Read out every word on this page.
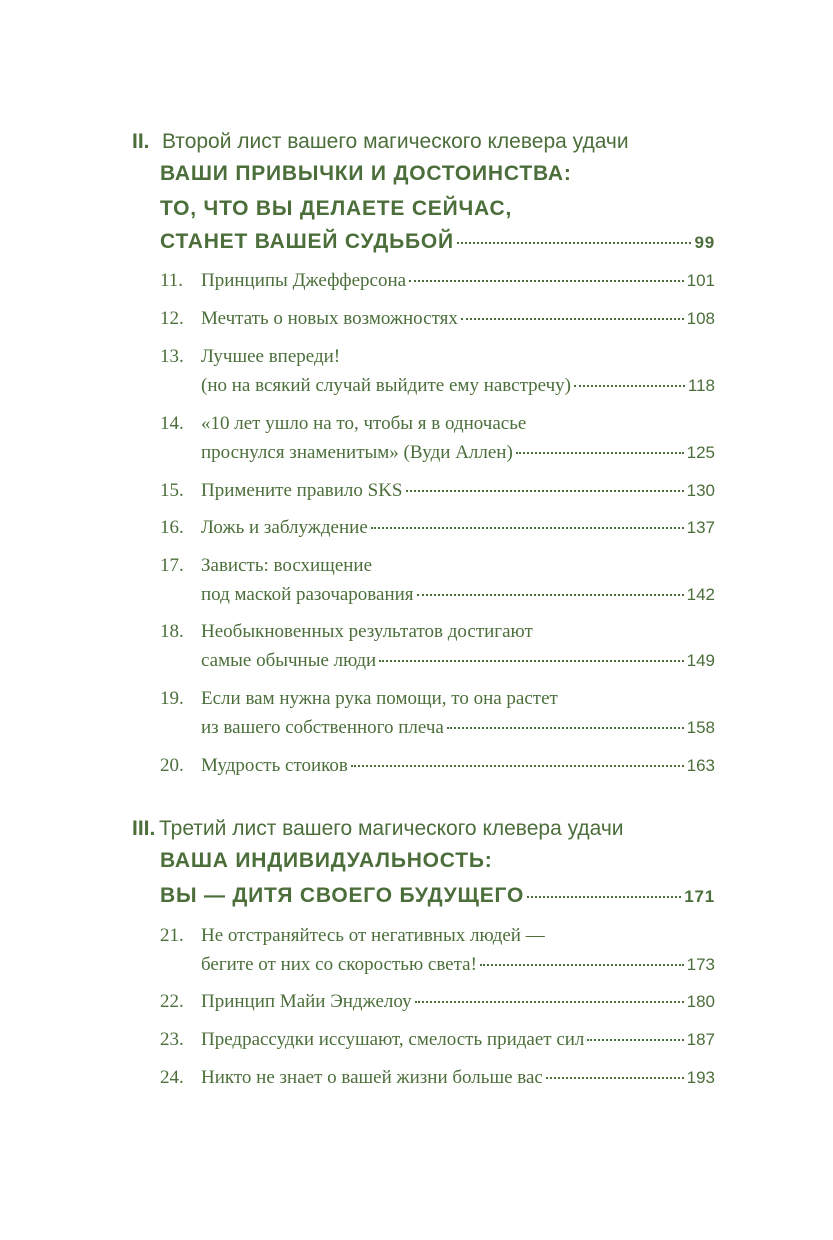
II. Второй лист вашего магического клевера удачи
ВАШИ ПРИВЫЧКИ И ДОСТОИНСТВА:
ТО, ЧТО ВЫ ДЕЛАЕТЕ СЕЙЧАС,
СТАНЕТ ВАШЕЙ СУДЬБОЙ	99
11. Принципы Джефферсона	101
12. Мечтать о новых возможностях	108
13. Лучшее впереди!
(но на всякий случай выйдите ему навстречу)	118
14. «10 лет ушло на то, чтобы я в одночасье
проснулся знаменитым» (Вуди Аллен)	125
15. Примените правило SKS	130
16. Ложь и заблуждение	137
17. Зависть: восхищение
под маской разочарования	142
18. Необыкновенных результатов достигают
самые обычные люди	149
19. Если вам нужна рука помощи, то она растет
из вашего собственного плеча	158
20. Мудрость стоиков	163
III. Третий лист вашего магического клевера удачи
ВАША ИНДИВИДУАЛЬНОСТЬ:
ВЫ — ДИТЯ СВОЕГО БУДУЩЕГО	171
21. Не отстраняйтесь от негативных людей —
бегите от них со скоростью света!	173
22. Принцип Майи Энджелоу	180
23. Предрассудки иссушают, смелость придает сил	187
24. Никто не знает о вашей жизни больше вас	193
